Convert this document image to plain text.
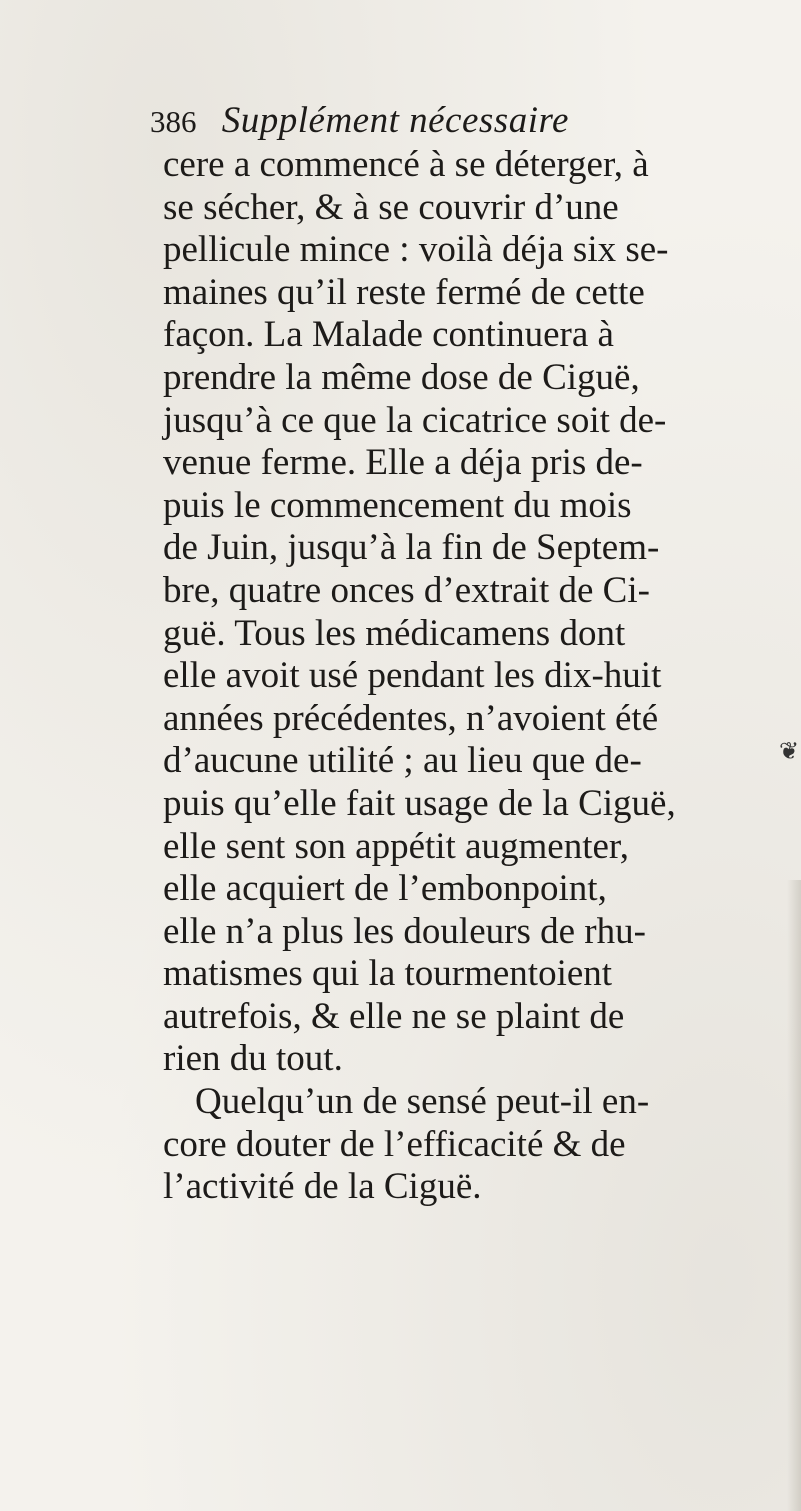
386 Supplément nécessaire
cere a commencé à se déterger, à
se sécher, & à se couvrir d’une
pellicule mince : voilà déja six se-
maines qu’il reste fermé de cette
façon. La Malade continuera à
prendre la même dose de Ciguë,
jusqu’à ce que la cicatrice soit de-
venue ferme. Elle a déja pris de-
puis le commencement du mois
de Juin, jusqu’à la fin de Septem-
bre, quatre onces d’extrait de Ci-
guë. Tous les médicamens dont
elle avoit usé pendant les dix-huit
années précédentes, n’avoient été
d’aucune utilité ; au lieu que de-
puis qu’elle fait usage de la Ciguë,
elle sent son appétit augmenter,
elle acquiert de l’embonpoint,
elle n’a plus les douleurs de rhu-
matismes qui la tourmentoient
autrefois, & elle ne se plaint de
rien du tout.
Quelqu’un de sensé peut-il en-
core douter de l’efficacité & de
l’activité de la Ciguë.
❦
